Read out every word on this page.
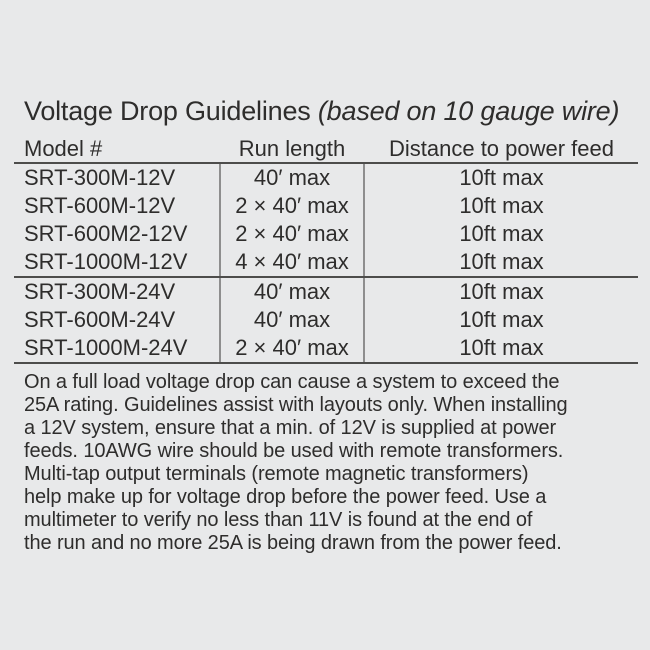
Voltage Drop Guidelines (based on 10 gauge wire)
Model #	Run length	Distance to power feed
SRT-300M-12V	40′ max	10ft max
SRT-600M-12V	2 × 40′ max	10ft max
SRT-600M2-12V	2 × 40′ max	10ft max
SRT-1000M-12V	4 × 40′ max	10ft max
SRT-300M-24V	40′ max	10ft max
SRT-600M-24V	40′ max	10ft max
SRT-1000M-24V	2 × 40′ max	10ft max
On a full load voltage drop can cause a system to exceed the
25A rating. Guidelines assist with layouts only. When installing
a 12V system, ensure that a min. of 12V is supplied at power
feeds. 10AWG wire should be used with remote transformers.
Multi-tap output terminals (remote magnetic transformers)
help make up for voltage drop before the power feed. Use a
multimeter to verify no less than 11V is found at the end of
the run and no more 25A is being drawn from the power feed.
